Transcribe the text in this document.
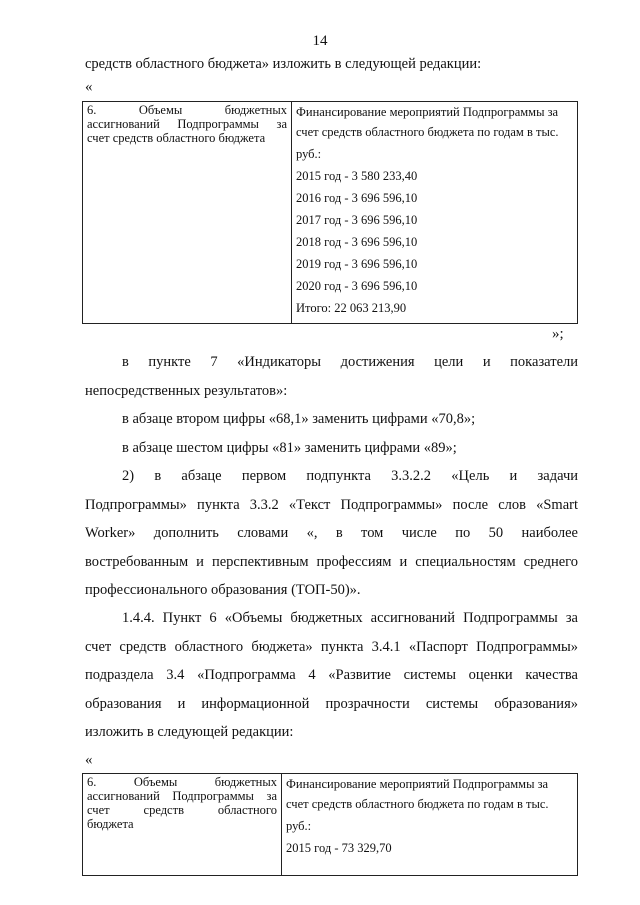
14
средств областного бюджета» изложить в следующей редакции:
«
6. Объемы бюджетных
ассигнований Подпрограммы за
счет средств областного бюджета

Финансирование мероприятий Подпрограммы за
счет средств областного бюджета по годам в тыс.
руб.:
2015 год - 3 580 233,40
2016 год - 3 696 596,10
2017 год - 3 696 596,10
2018 год - 3 696 596,10
2019 год - 3 696 596,10
2020 год - 3 696 596,10
Итого: 22 063 213,90
»;
в пункте 7 «Индикаторы достижения цели и показатели
непосредственных результатов»:
в абзаце втором цифры «68,1» заменить цифрами «70,8»;
в абзаце шестом цифры «81» заменить цифрами «89»;
2) в абзаце первом подпункта 3.3.2.2 «Цель и задачи
Подпрограммы» пункта 3.3.2 «Текст Подпрограммы» после слов «Smart
Worker» дополнить словами «, в том числе по 50 наиболее
востребованным и перспективным профессиям и специальностям среднего
профессионального образования (ТОП-50)».
1.4.4. Пункт 6 «Объемы бюджетных ассигнований Подпрограммы за
счет средств областного бюджета» пункта 3.4.1 «Паспорт Подпрограммы»
подраздела 3.4 «Подпрограмма 4 «Развитие системы оценки качества
образования и информационной прозрачности системы образования»
изложить в следующей редакции:
«
6. Объемы бюджетных
ассигнований Подпрограммы за
счет средств областного
бюджета

Финансирование мероприятий Подпрограммы за
счет средств областного бюджета по годам в тыс.
руб.:
2015 год - 73 329,70
